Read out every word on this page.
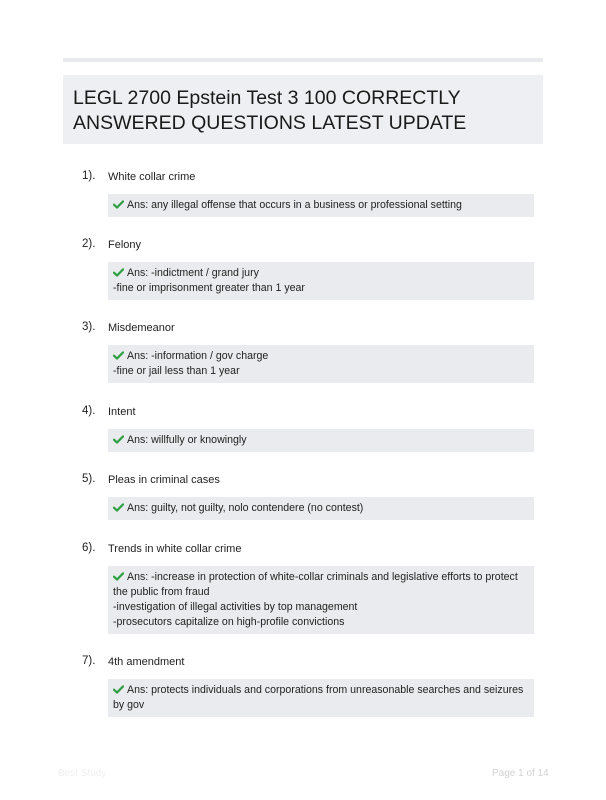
LEGL 2700 Epstein Test 3 100 CORRECTLY
ANSWERED QUESTIONS LATEST UPDATE
1). White collar crime
Ans: any illegal offense that occurs in a business or professional setting
2). Felony
Ans: -indictment / grand jury
-fine or imprisonment greater than 1 year
3). Misdemeanor
Ans: -information / gov charge
-fine or jail less than 1 year
4). Intent
Ans: willfully or knowingly
5). Pleas in criminal cases
Ans: guilty, not guilty, nolo contendere (no contest)
6). Trends in white collar crime
Ans: -increase in protection of white-collar criminals and legislative efforts to protect
the public from fraud
-investigation of illegal activities by top management
-prosecutors capitalize on high-profile convictions
7). 4th amendment
Ans: protects individuals and corporations from unreasonable searches and seizures
by gov
Best Study	Page 1 of 14
